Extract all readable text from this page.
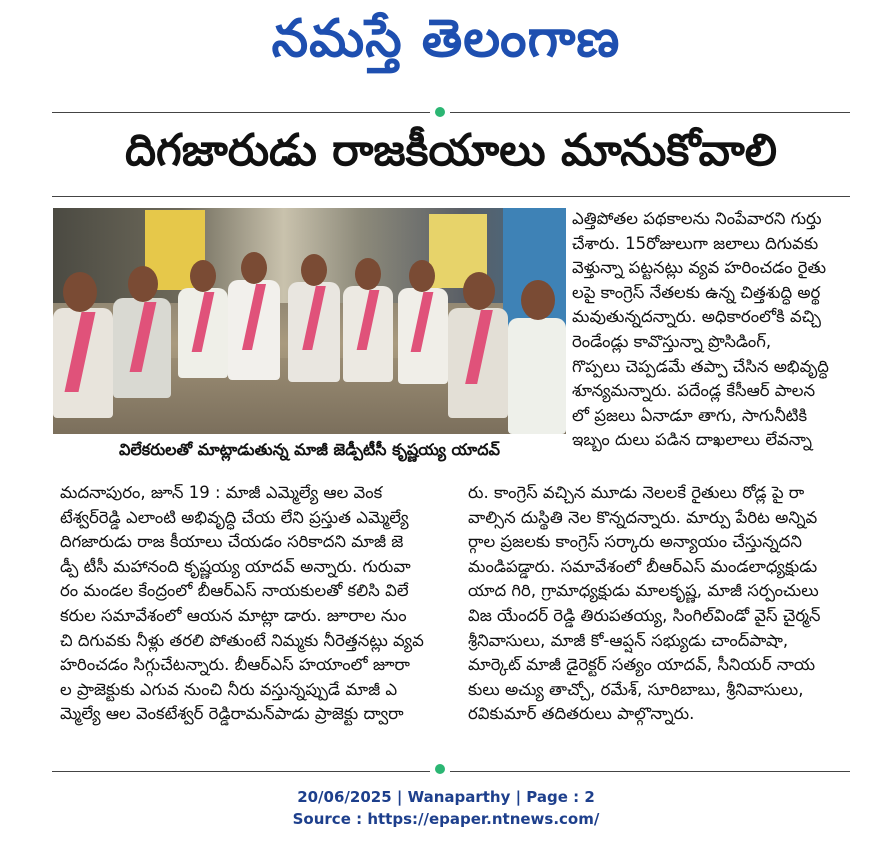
నమస్తే తెలంగాణ
దిగజారుడు రాజకీయాలు మానుకోవాలి
విలేకరులతో మాట్లాడుతున్న మాజీ జెడ్పీటీసీ కృష్ణయ్య యాదవ్

ఎత్తిపోతల పథకాలను నింపేవారని గుర్తు

చేశారు. 15రోజులుగా జలాలు దిగువకు

వెళ్తున్నా పట్టనట్లు వ్యవ హరించడం రైతు

లపై కాంగ్రెస్ నేతలకు ఉన్న చిత్తశుద్ధి అర్థ

మవుతున్నదన్నారు. అధికారంలోకి వచ్చి

రెండేండ్లు కావొస్తున్నా ప్రొసిడింగ్,

గొప్పలు చెప్పడమే తప్పా చేసిన అభివృద్ధి

శూన్యమన్నారు. పదేండ్ల కేసీఆర్ పాలన

లో ప్రజలు ఏనాడూ తాగు, సాగునీటికి

ఇబ్బం దులు పడిన దాఖలాలు లేవన్నా

మదనాపురం, జూన్ 19 : మాజీ ఎమ్మెల్యే ఆల వెంక

టేశ్వర్‌రెడ్డి ఎలాంటి అభివృద్ధి చేయ లేని ప్రస్తుత ఎమ్మెల్యే

దిగజారుడు రాజ కీయాలు చేయడం సరికాదని మాజీ జె

డ్పీ టీసీ మహానంది కృష్ణయ్య యాదవ్ అన్నారు. గురువా

రం మండల కేంద్రంలో బీఆర్ఎస్ నాయకులతో కలిసి విలే

కరుల సమావేశంలో ఆయన మాట్లా డారు. జూరాల నుం

చి దిగువకు నీళ్లు తరలి పోతుంటే నిమ్మకు నీరెత్తనట్లు వ్యవ

హరించడం సిగ్గుచేటన్నారు. బీఆర్ఎస్ హయాంలో జూరా

ల ప్రాజెక్టుకు ఎగువ నుంచి నీరు వస్తున్నప్పుడే మాజీ ఎ

మ్మెల్యే ఆల వెంకటేశ్వర్ రెడ్డిరామన్‌పాడు ప్రాజెక్టు ద్వారా

రు. కాంగ్రెస్ వచ్చిన మూడు నెలలకే రైతులు రోడ్ల పై రా

వాల్సిన దుస్థితి నెల కొన్నదన్నారు. మార్పు పేరిట అన్నివ

ర్గాల ప్రజలకు కాంగ్రెస్ సర్కారు అన్యాయం చేస్తున్నదని

మండిపడ్డారు. సమావేశంలో బీఆర్ఎస్ మండలాధ్యక్షుడు

యాద గిరి, గ్రామాధ్యక్షుడు మాలకృష్ణ, మాజీ సర్పంచులు

విజ యేందర్ రెడ్డి తిరుపతయ్య, సింగిల్‌విండో వైస్ చైర్మన్

శ్రీనివాసులు, మాజీ కో-ఆప్షన్ సభ్యుడు చాంద్‌పాషా,

మార్కెట్ మాజీ డైరెక్టర్ సత్యం యాదవ్, సీనియర్ నాయ

కులు అచ్యు తాచ్చో, రమేశ్, సూరిబాబు, శ్రీనివాసులు,

రవికుమార్ తదితరులు పాల్గొన్నారు.

20/06/2025 | Wanaparthy | Page : 2
Source : https://epaper.ntnews.com/
